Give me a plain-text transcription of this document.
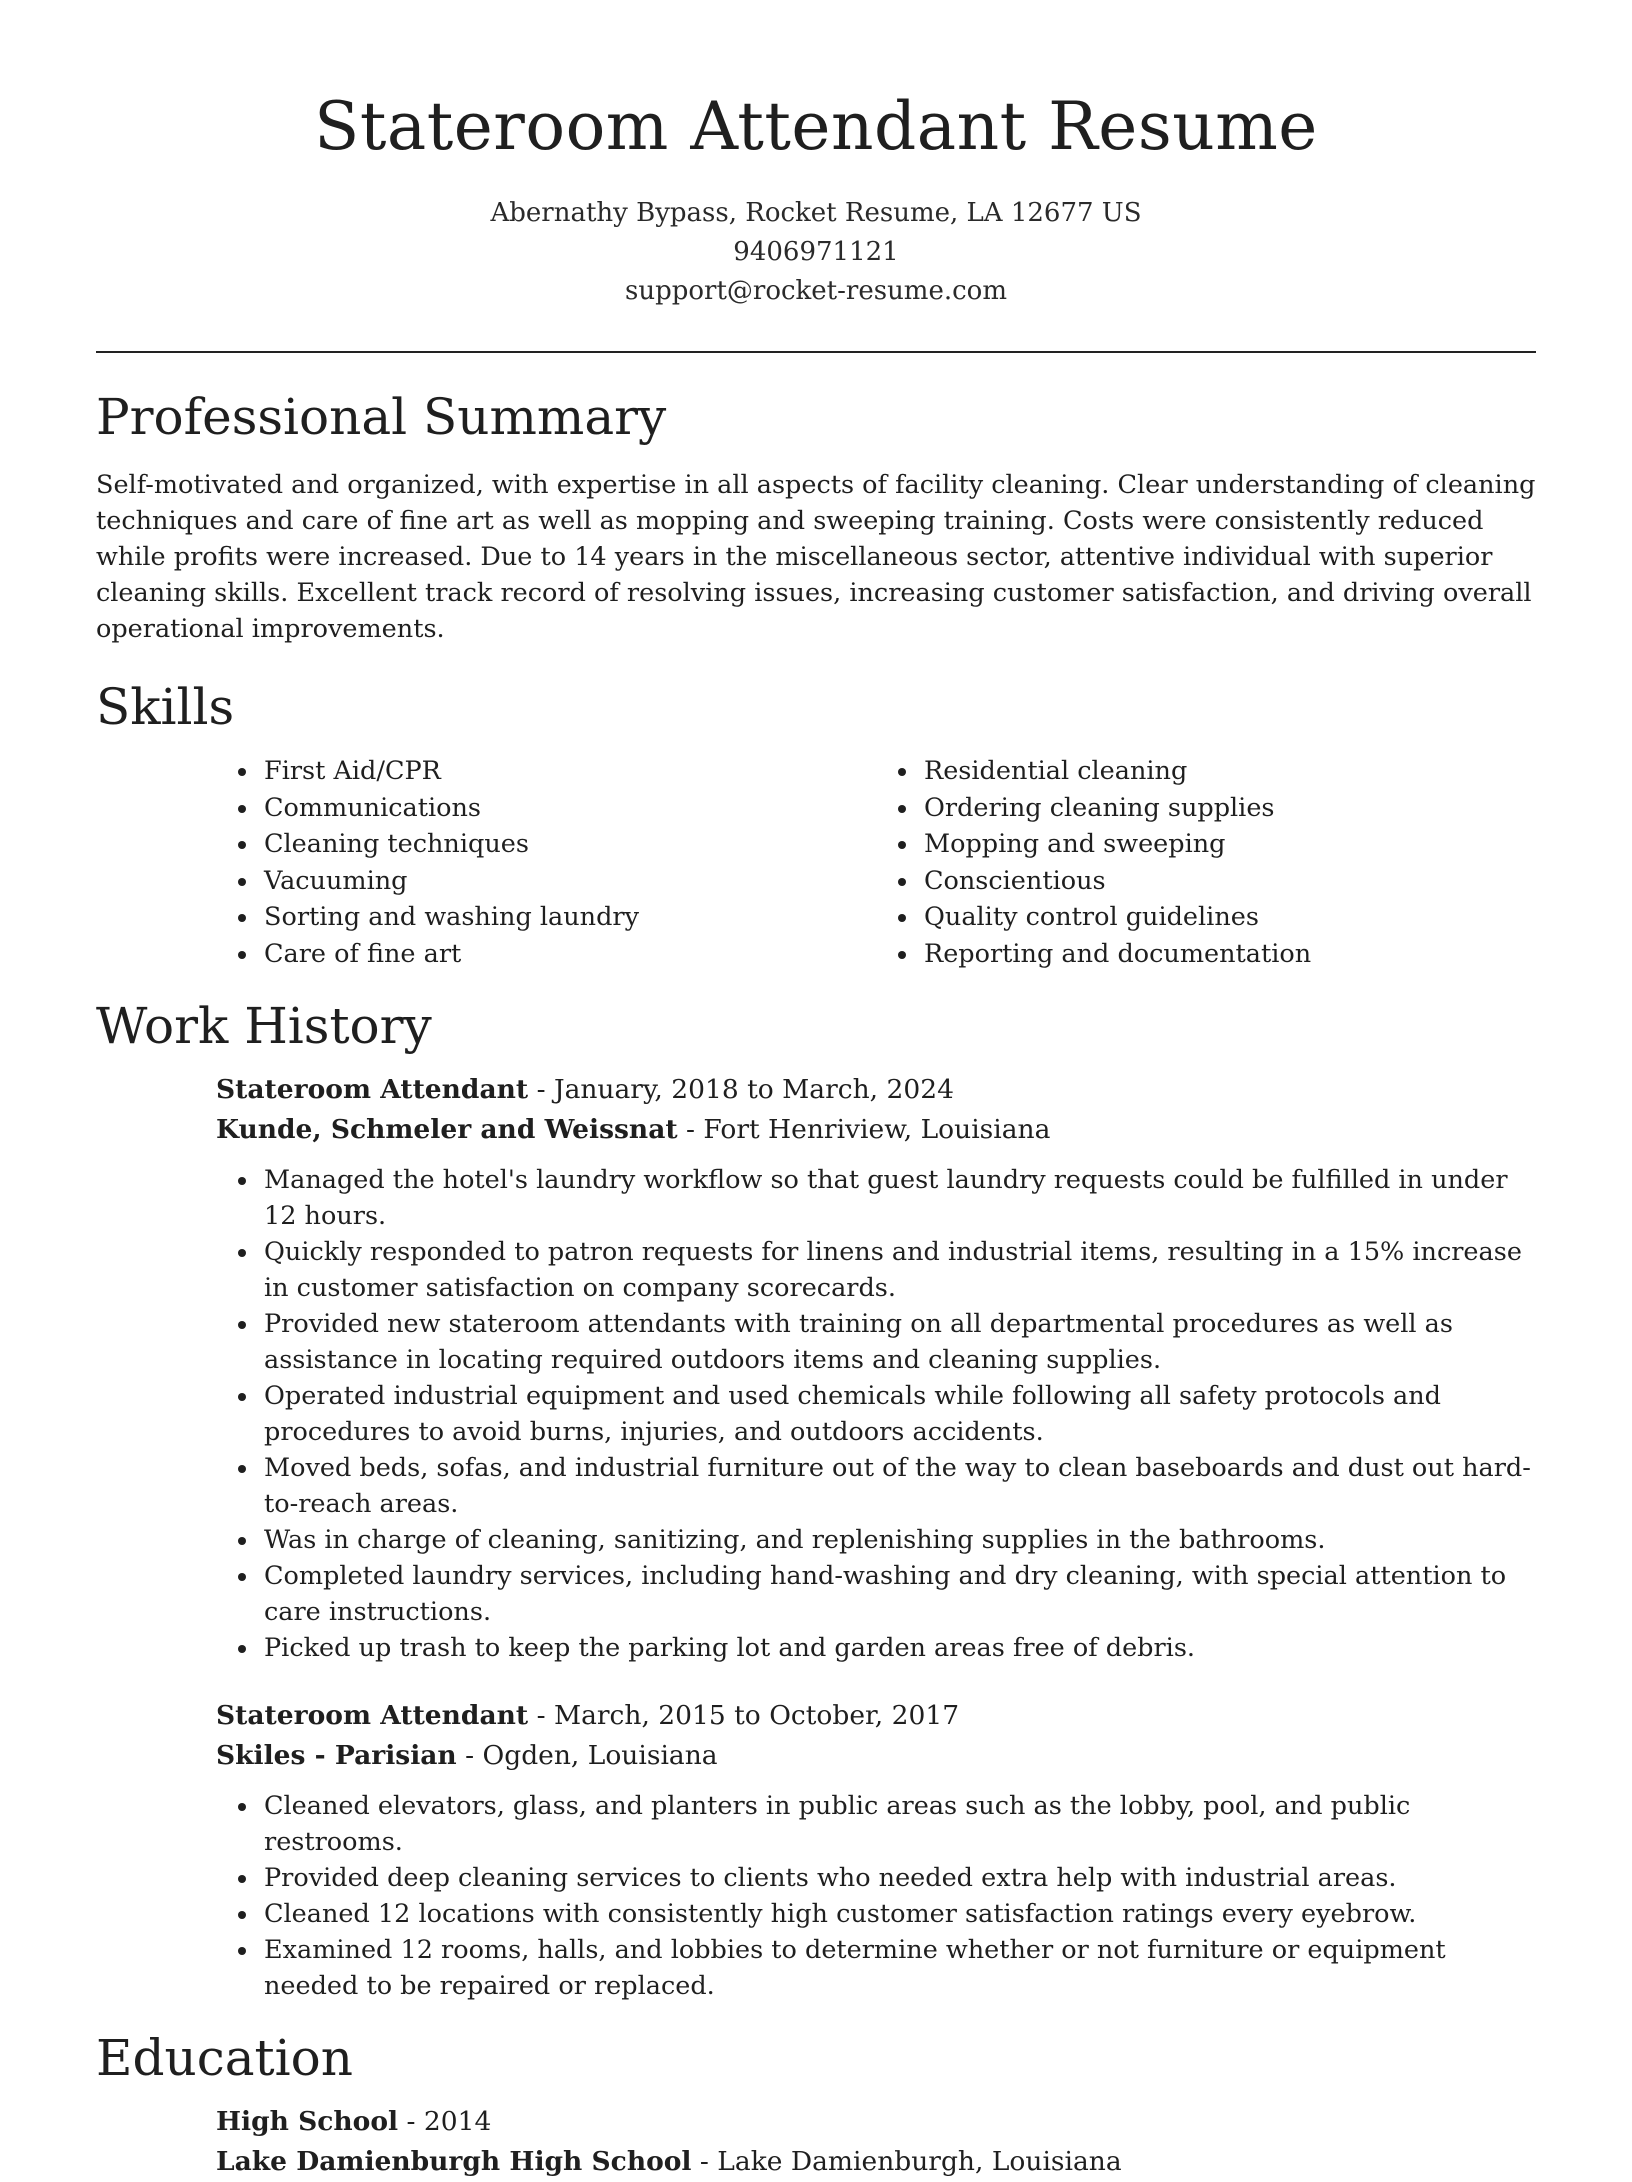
Stateroom Attendant Resume
Abernathy Bypass, Rocket Resume, LA 12677 US
9406971121
support@rocket-resume.com
Professional Summary

Self-motivated and organized, with expertise in all aspects of facility cleaning. Clear understanding of cleaning techniques and care of fine art as well as mopping and sweeping training. Costs were consistently reduced while profits were increased. Due to 14 years in the miscellaneous sector, attentive individual with superior cleaning skills. Excellent track record of resolving issues, increasing customer satisfaction, and driving overall operational improvements.

Skills
• First Aid/CPR
• Communications
• Cleaning techniques
• Vacuuming
• Sorting and washing laundry
• Care of fine art
• Residential cleaning
• Ordering cleaning supplies
• Mopping and sweeping
• Conscientious
• Quality control guidelines
• Reporting and documentation
Work History
Stateroom Attendant - January, 2018 to March, 2024
Kunde, Schmeler and Weissnat - Fort Henriview, Louisiana
• Managed the hotel's laundry workflow so that guest laundry requests could be fulfilled in under 12 hours.
• Quickly responded to patron requests for linens and industrial items, resulting in a 15% increase in customer satisfaction on company scorecards.
• Provided new stateroom attendants with training on all departmental procedures as well as assistance in locating required outdoors items and cleaning supplies.
• Operated industrial equipment and used chemicals while following all safety protocols and procedures to avoid burns, injuries, and outdoors accidents.
• Moved beds, sofas, and industrial furniture out of the way to clean baseboards and dust out hard-to-reach areas.
• Was in charge of cleaning, sanitizing, and replenishing supplies in the bathrooms.
• Completed laundry services, including hand-washing and dry cleaning, with special attention to care instructions.
• Picked up trash to keep the parking lot and garden areas free of debris.
Stateroom Attendant - March, 2015 to October, 2017
Skiles - Parisian - Ogden, Louisiana
• Cleaned elevators, glass, and planters in public areas such as the lobby, pool, and public restrooms.
• Provided deep cleaning services to clients who needed extra help with industrial areas.
• Cleaned 12 locations with consistently high customer satisfaction ratings every eyebrow.
• Examined 12 rooms, halls, and lobbies to determine whether or not furniture or equipment needed to be repaired or replaced.
Education
High School - 2014
Lake Damienburgh High School - Lake Damienburgh, Louisiana
